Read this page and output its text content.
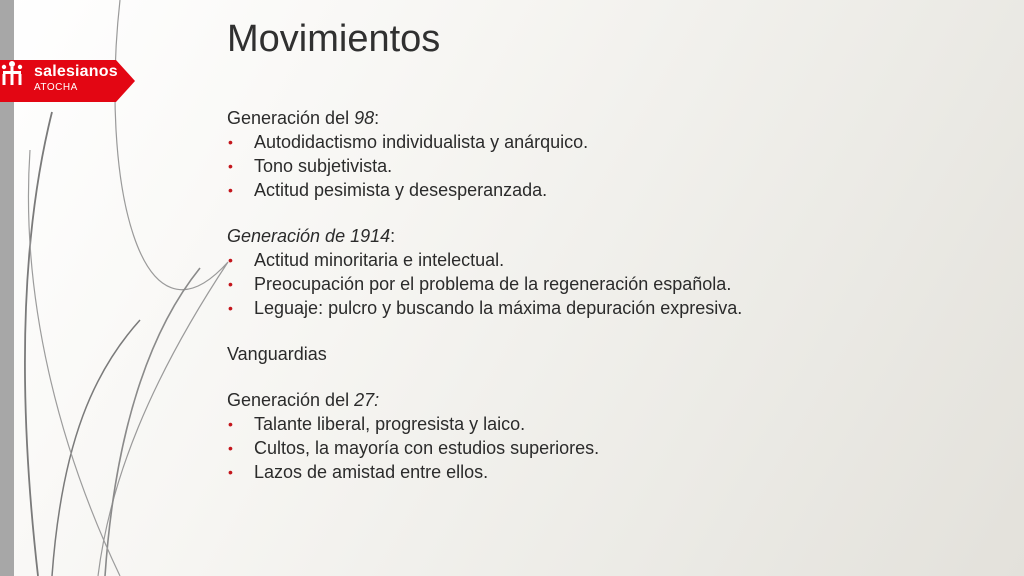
salesianos
ATOCHA
Movimientos
Generación del 98:
• Autodidactismo individualista y anárquico.
• Tono subjetivista.
• Actitud pesimista y desesperanzada.
Generación de 1914:
• Actitud minoritaria e intelectual.
• Preocupación por el problema de la regeneración española.
• Leguaje: pulcro y buscando la máxima depuración expresiva.
Vanguardias
Generación del 27:
• Talante liberal, progresista y laico.
• Cultos, la mayoría con estudios superiores.
• Lazos de amistad entre ellos.
